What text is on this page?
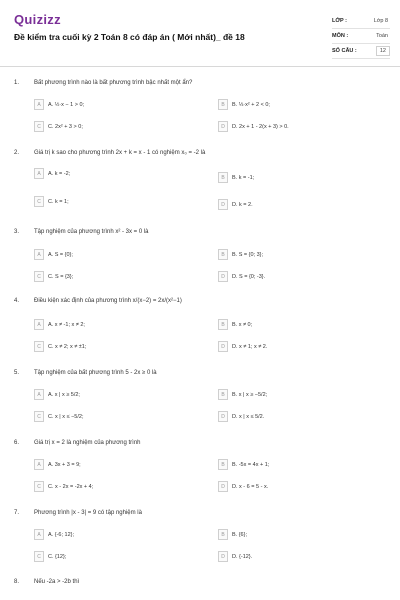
Quizizz
Đề kiểm tra cuối kỳ 2 Toán 8 có đáp án ( Mới nhất)_ đề 18
LỚP :	Lớp 8
MÔN :	Toán
SỐ CÂU :	12
1. Bất phương trình nào là bất phương trình bậc nhất một ẩn?
A	A. ½·x − 1 > 0;	B	B. ⅓·x² + 2 < 0;
C	C. 2x² + 3 > 0;	D	D. 2x + 1 - 2(x + 3) > 0.
2. Giá trị k sao cho phương trình 2x + k = x - 1 có nghiệm x₀ = -2 là
A	A. k = -2;
B	B. k = -1;
C	C. k = 1;	D	D. k = 2.
3. Tập nghiệm của phương trình x² - 3x = 0 là
A	A. S = {0};	B	B. S = {0; 3};
C	C. S = {3};	D	D. S = {0; -3}.
4. Điều kiện xác định của phương trình x/(x−2) = 2x/(x²−1)
A	A. x ≠ -1; x ≠ 2;	B	B. x ≠ 0;
C	C. x ≠ 2; x ≠ ±1;	D	D. x ≠ 1; x ≠ 2.
5. Tập nghiệm của bất phương trình 5 - 2x ≥ 0 là
A	A. x | x ≥ 5/2;	B	B. x | x ≥ −5/2;
C	C. x | x ≤ −5/2;	D	D. x | x ≤ 5/2.
6. Giá trị x = 2 là nghiệm của phương trình
A	A. 3x + 3 = 9;	B	B. -5x = 4x + 1;
C	C. x - 2x = -2x + 4;	D	D. x - 6 = 5 - x.
7. Phương trình |x - 3| = 9 có tập nghiệm là
A	A. {-6; 12};	B	B. {6};
C	C. {12};	D	D. {-12}.
8. Nếu -2a > -2b thì
